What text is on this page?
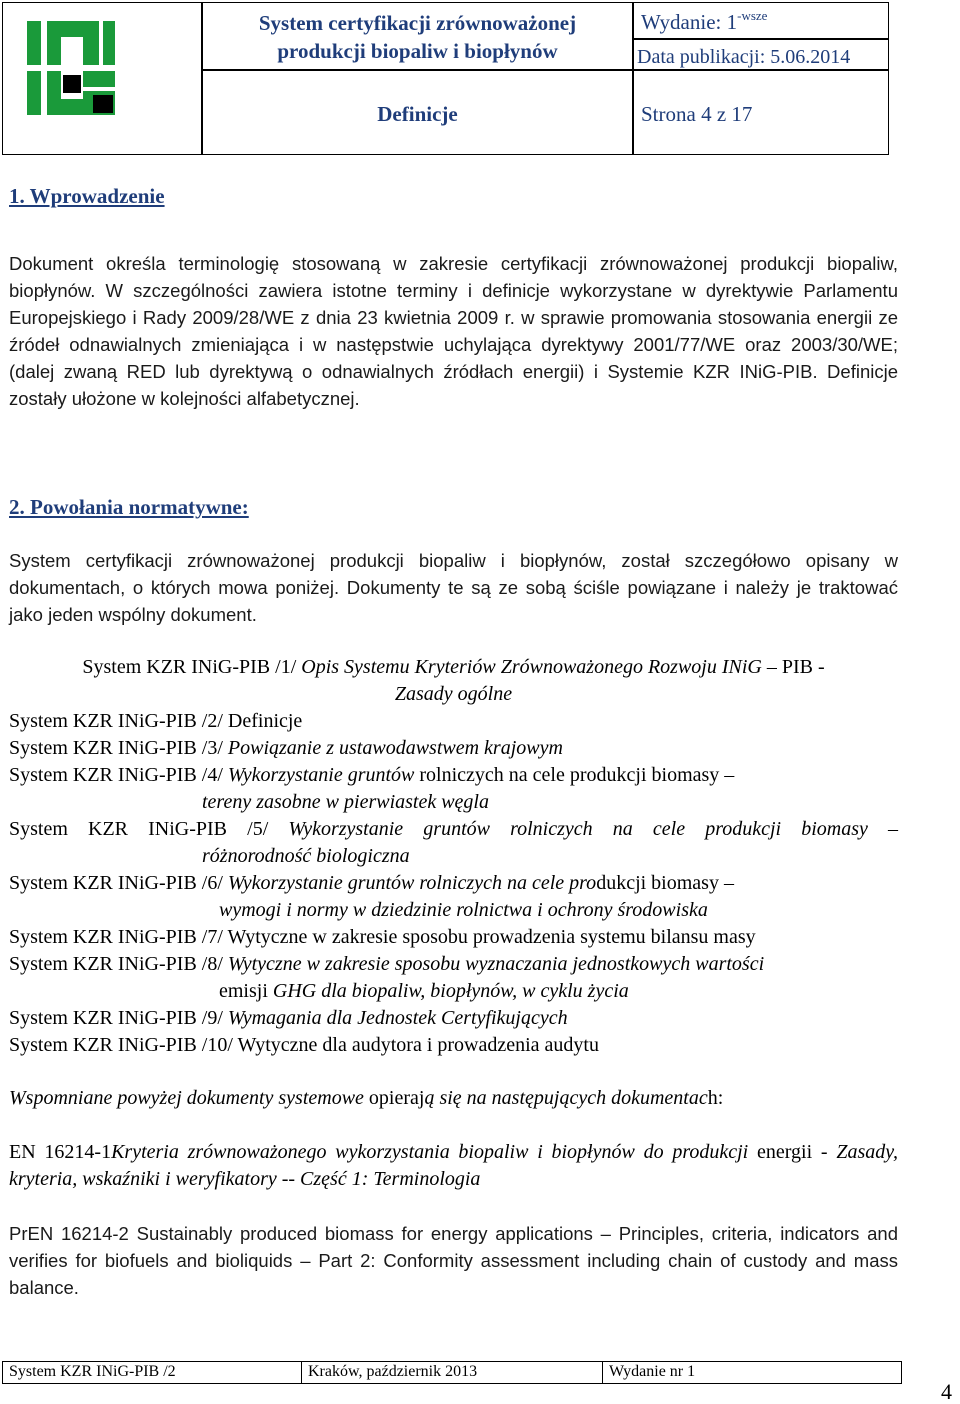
System certyfikacji zrównoważonej
produkcji biopaliw i biopłynów
Wydanie: $1^{-wsze}$
Data publikacji: 5.06.2014
Definicje	Strona 4 z 17
1. Wprowadzenie
Dokument określa terminologię stosowaną w zakresie certyfikacji zrównoważonej produkcji biopaliw, biopłynów. W szczególności zawiera istotne terminy i definicje wykorzystane w dyrektywie Parlamentu Europejskiego i Rady 2009/28/WE z dnia 23 kwietnia 2009 r. w sprawie promowania stosowania energii ze źródeł odnawialnych zmieniająca i w następstwie uchylająca dyrektywy 2001/77/WE oraz 2003/30/WE; (dalej zwaną RED lub dyrektywą o odnawialnych źródłach energii) i Systemie KZR INiG-PIB. Definicje zostały ułożone w kolejności alfabetycznej.
2. Powołania normatywne:
System certyfikacji zrównoważonej produkcji biopaliw i biopłynów, został szczegółowo opisany w dokumentach, o których mowa poniżej. Dokumenty te są ze sobą ściśle powiązane i należy je traktować jako jeden wspólny dokument.
System KZR INiG-PIB /1/ Opis Systemu Kryteriów Zrównoważonego Rozwoju INiG – PIB -
Zasady ogólne
System KZR INiG-PIB /2/ Definicje
System KZR INiG-PIB /3/ Powiązanie z ustawodawstwem krajowym
System KZR INiG-PIB /4/ Wykorzystanie gruntów rolniczych na cele produkcji biomasy –
tereny zasobne w pierwiastek węgla
System KZR INiG-PIB /5/ Wykorzystanie gruntów rolniczych na cele produkcji biomasy –
różnorodność biologiczna
System KZR INiG-PIB /6/ Wykorzystanie gruntów rolniczych na cele produkcji biomasy –
wymogi i normy w dziedzinie rolnictwa i ochrony środowiska
System KZR INiG-PIB /7/ Wytyczne w zakresie sposobu prowadzenia systemu bilansu masy
System KZR INiG-PIB /8/ Wytyczne w zakresie sposobu wyznaczania jednostkowych wartości
emisji GHG dla biopaliw, biopłynów, w cyklu życia
System KZR INiG-PIB /9/ Wymagania dla Jednostek Certyfikujących
System KZR INiG-PIB /10/ Wytyczne dla audytora i prowadzenia audytu
Wspomniane powyżej dokumenty systemowe opierają się na następujących dokumentach:
EN 16214-1Kryteria zrównoważonego wykorzystania biopaliw i biopłynów do produkcji energii - Zasady, kryteria, wskaźniki i weryfikatory -- Część 1: Terminologia
PrEN 16214-2 Sustainably produced biomass for energy applications – Principles, criteria, indicators and verifies for biofuels and bioliquids – Part 2: Conformity assessment including chain of custody and mass balance.
System KZR INiG-PIB /2	Kraków, październik 2013	Wydanie nr 1
4
